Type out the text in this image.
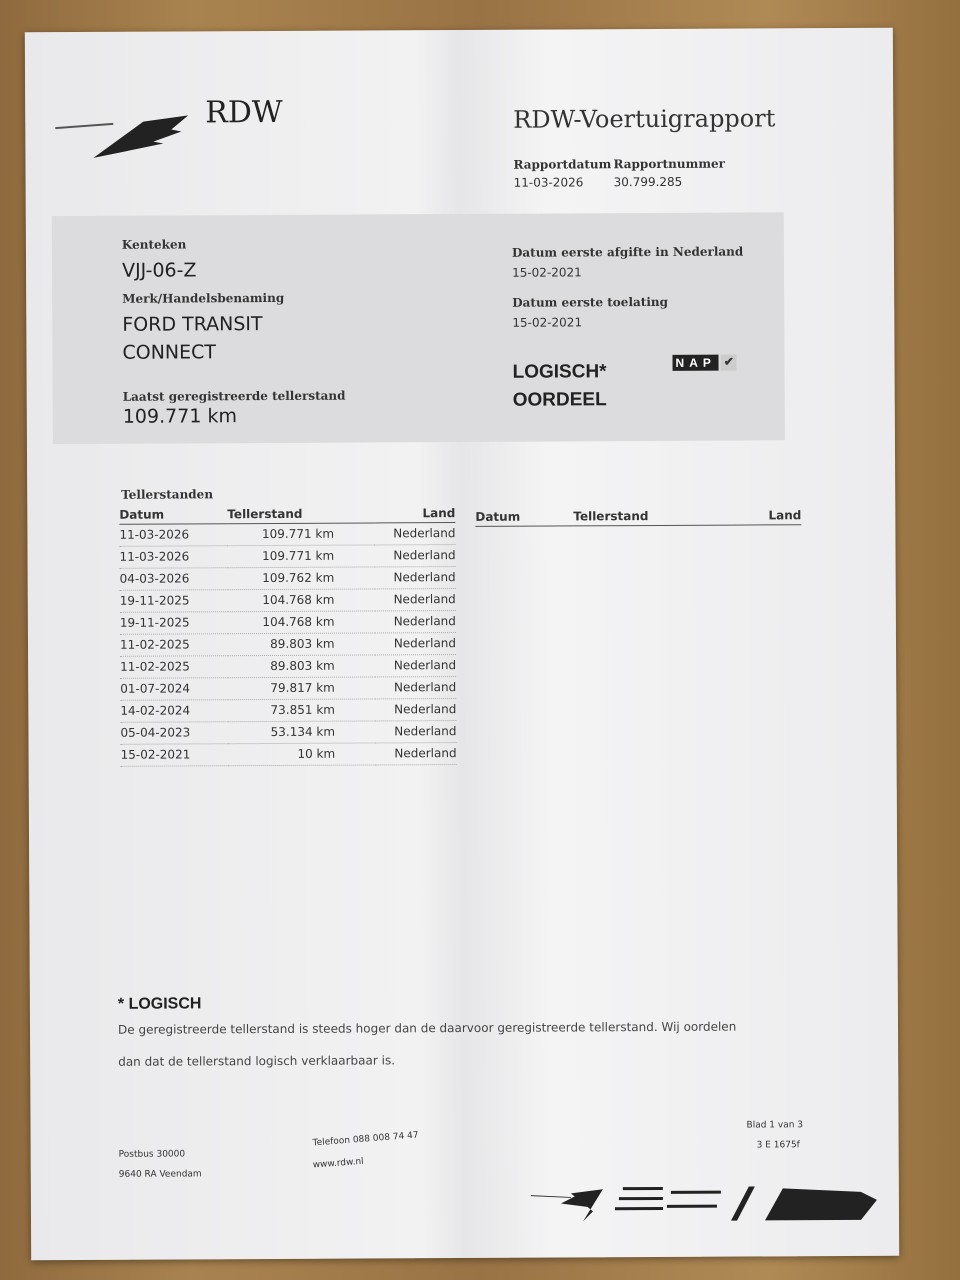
RDW	RDW-Voertuigrapport
Rapportdatum
11-03-2026
Rapportnummer
30.799.285
Kenteken
VJJ-06-Z
Merk/Handelsbenaming
FORD TRANSIT
CONNECT
Laatst geregistreerde tellerstand
109.771 km
Datum eerste afgifte in Nederland
15-02-2021
Datum eerste toelating
15-02-2021
LOGISCH*
OORDEEL
NAP ✔
Tellerstanden
Datum	Tellerstand	Land
11-03-2026	109.771 km	Nederland
11-03-2026	109.771 km	Nederland
04-03-2026	109.762 km	Nederland
19-11-2025	104.768 km	Nederland
19-11-2025	104.768 km	Nederland
11-02-2025	89.803 km	Nederland
11-02-2025	89.803 km	Nederland
01-07-2024	79.817 km	Nederland
14-02-2024	73.851 km	Nederland
05-04-2023	53.134 km	Nederland
15-02-2021	10 km	Nederland
Datum	Tellerstand	Land
* LOGISCH
De geregistreerde tellerstand is steeds hoger dan de daarvoor geregistreerde tellerstand. Wij oordelen dan dat de tellerstand logisch verklaarbaar is.
Postbus 30000
9640 RA Veendam
Telefoon 088 008 74 47
www.rdw.nl
Blad 1 van 3
3 E 1675f
